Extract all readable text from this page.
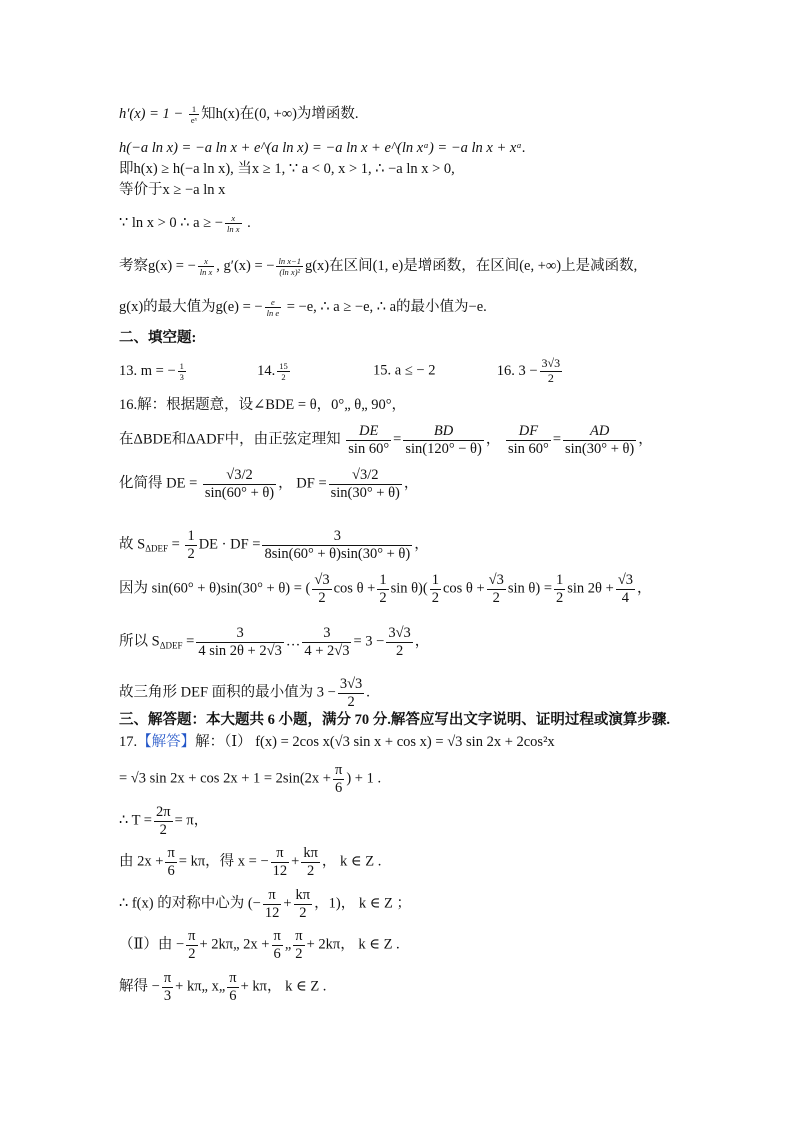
$h'(x) = 1 - \frac{1}{\text{eˣ}}$ 知h(x)在(0, +∞)为增函数.
h(−a ln x) = −a ln x + e^(a ln x) = −a ln x + e^(ln xᵃ) = −a ln x + xᵃ.
即h(x) ≥ h(−a ln x), 当x ≥ 1, ∵ a < 0, x > 1, ∴ −a ln x > 0,
等价于x ≥ −a ln x
∵ ln x > 0 ∴ a ≥ − $\frac{x}{\text{ln x}}$ .
考察g(x) = − $\frac{x}{\text{ln x}}$ , g′(x) = − $\frac{\text{ln x−1}}{\text{(ln x)²}} g(x)$在区间(1, e)是增函数，在区间(e, +∞)上是减函数,
g(x)的最大值为g(e) = − $\frac{e}{\text{ln e}} = -e$, ∴ a ≥ −e, ∴ a的最小值为−e.
二、填空题:
13. m = − $\frac{1}{3}$	14. $\frac{15}{2}$	15. a ≤ − 2	16. $3 - \frac{3√3}{2}$
16.解：根据题意，设∠BDE = θ，0°„ θ„ 90°，
在ΔBDE和ΔADF中，由正弦定理知 $\frac{DE}{\sin 60^\circ} = \frac{BD}{\sin(120^\circ - \theta)}$ ， $\frac{DF}{\sin 60^\circ} = \frac{AD}{\sin(30^\circ + \theta)}$ ，
化简得 DE = $\frac{√3/2}{\sin(60^\circ + \theta)}$ ， DF = $\frac{√3/2}{\sin(30^\circ + \theta)}$ ，
故 $S_{\Delta DEF} = \frac{1}{2}$ DE · DF = $\frac{3}{8\sin(60^\circ + \theta)\sin(30^\circ + \theta)}$ ，
因为 sin(60° + θ)sin(30° + θ) = ( $\frac{√3}{2}$ $\cos \theta + \frac{1}{2}$ $\sin \theta)( \frac{1}{2}$ $\cos \theta + \frac{√3}{2}$ $\sin \theta) = \frac{1}{2}$ $\sin 2\theta + \frac{√3}{4}$ ，
所以 $S_{\Delta DEF} = \frac{3}{4 \sin 2\theta + 2√3}$ … $\frac{3}{4 + 2√3} = 3 - \frac{3√3}{2}$ ，
故三角形 DEF 面积的最小值为 $3 - \frac{3√3}{2}$ .
三、解答题：本大题共 6 小题，满分 70 分.解答应写出文字说明、证明过程或演算步骤.
17.【解答】解：（Ⅰ） f(x) = 2cos x(√3 sin x + cos x) = √3 sin 2x + 2cos²x
= √3 $\sin 2x + \cos 2x + 1 = 2\sin(2x + \frac{\pi}{6}$ ) + 1 .
∴ $T = \frac{2\pi}{2} = \pi$，
由 $2x + \frac{\pi}{6} = k\pi$，得 x = − $\frac{\pi}{12} + \frac{k\pi}{2}$ ， k ∈ Z .
∴ f(x) 的对称中心为 (− $\frac{\pi}{12} + \frac{k\pi}{2}$ ，1)， k ∈ Z ；
（Ⅱ）由 − $\frac{\pi}{2}$ + 2kπ„ $2x + \frac{\pi}{6}$ „ $\frac{\pi}{2} + 2k\pi$， k ∈ Z .
解得 − $\frac{\pi}{3}$ + kπ„ x„ $\frac{\pi}{6} + k\pi$， k ∈ Z .
